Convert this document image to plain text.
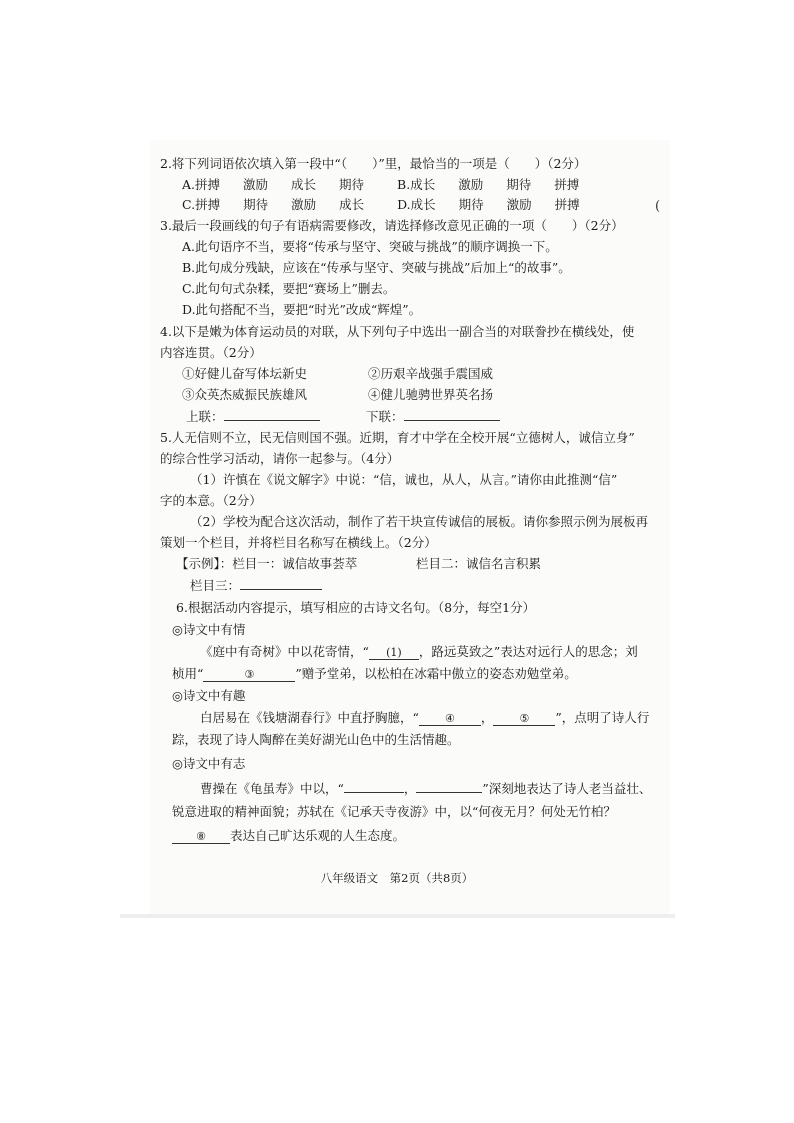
2.将下列词语依次填入第一段中“（　　）”里，最恰当的一项是（　　）（2分）
A.拼搏 激励 成长 期待	B.成长 激励 期待 拼搏
C.拼搏 期待 激励 成长	D.成长 期待 激励 拼搏	(
3.最后一段画线的句子有语病需要修改，请选择修改意见正确的一项（　　）（2分）
A.此句语序不当，要将“传承与坚守、突破与挑战”的顺序调换一下。
B.此句成分残缺，应该在“传承与坚守、突破与挑战”后加上“的故事”。
C.此句句式杂糅，要把“赛场上”删去。
D.此句搭配不当，要把“时光”改成“辉煌”。
4.以下是嫩为体育运动员的对联，从下列句子中选出一副合当的对联誊抄在横线处，使
内容连贯。（2分）
①好健儿奋写体坛新史	②历艰辛战强手震国威
③众英杰威振民族雄风	④健儿驰骋世界英名扬
上联：	下联：
5.人无信则不立，民无信则国不强。近期，育才中学在全校开展“立德树人，诚信立身”
的综合性学习活动，请你一起参与。（4分）
（1）许慎在《说文解字》中说：“信，诚也，从人，从言。”请你由此推测“信”
字的本意。（2分）
（2）学校为配合这次活动，制作了若干块宣传诚信的展板。请你参照示例为展板再
策划一个栏目，并将栏目名称写在横线上。（2分）
【示例】：栏目一：诚信故事荟萃	栏目二：诚信名言积累
栏目三：
6.根据活动内容提示，填写相应的古诗文名句。（8分，每空1分）
◎诗文中有情
《庭中有奇树》中以花寄情，“ (1) ，路远莫致之”表达对远行人的思念；刘
桢用“	③	”赠予堂弟，以松柏在冰霜中傲立的姿态劝勉堂弟。
◎诗文中有趣
白居易在《钱塘湖春行》中直抒胸臆，“ ④ ， ⑤ ”，点明了诗人行
踪，表现了诗人陶醉在美好湖光山色中的生活情趣。
◎诗文中有志
曹操在《龟虽寿》中以，“	，	”深刻地表达了诗人老当益壮、
锐意进取的精神面貌；苏轼在《记承天寺夜游》中，以“何夜无月？何处无竹柏？
⑧ 表达自己旷达乐观的人生态度。
八年级语文　第2页（共8页）
